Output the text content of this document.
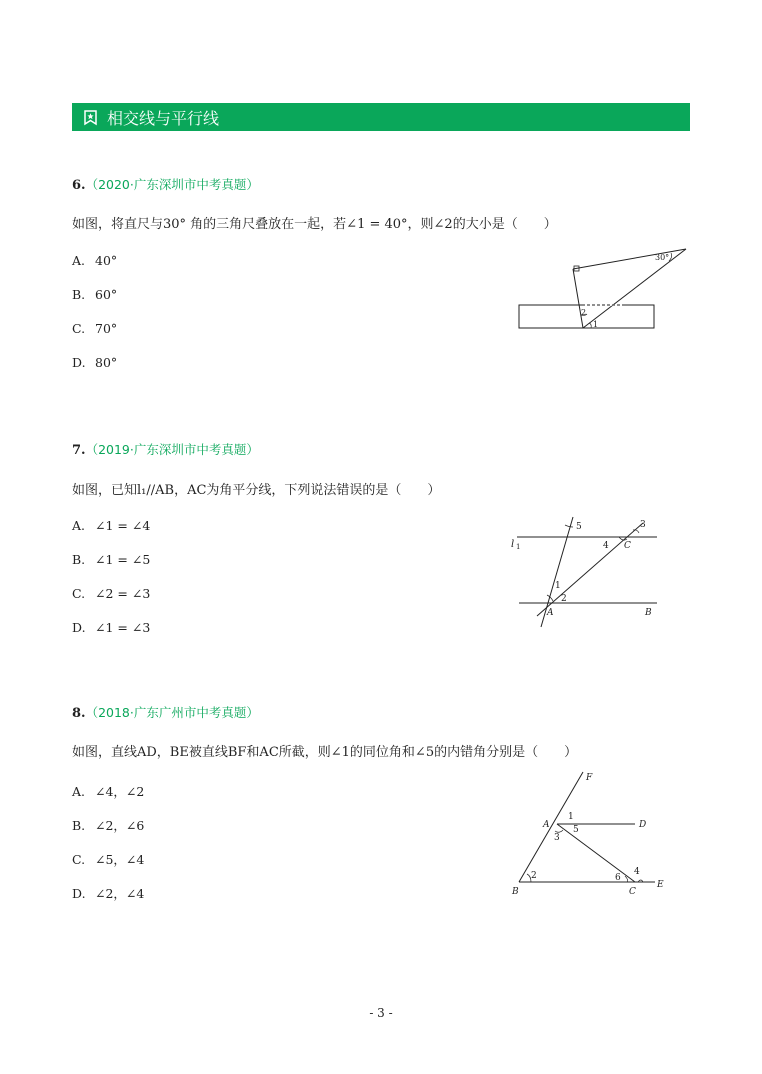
相交线与平行线
6.（2020·广东深圳市中考真题）
如图，将直尺与30° 角的三角尺叠放在一起，若∠1 = 40°，则∠2的大小是（　　）
A. 40°
B. 60°
C. 70°
D. 80°
30°
2
1
7.（2019·广东深圳市中考真题）
如图，已知l₁//AB，AC为角平分线，下列说法错误的是（　　）
A. ∠1 = ∠4
B. ∠1 = ∠5
C. ∠2 = ∠3
D. ∠1 = ∠3
l 1
5
4 C
3
1
2
A	B
8.（2018·广东广州市中考真题）
如图，直线AD，BE被直线BF和AC所截，则∠1的同位角和∠5的内错角分别是（　　）
A. ∠4，∠2
B. ∠2，∠6
C. ∠5，∠4
D. ∠2，∠4
F
A	D
1
5
3
2	6
4
E
B	C
- 3 -
